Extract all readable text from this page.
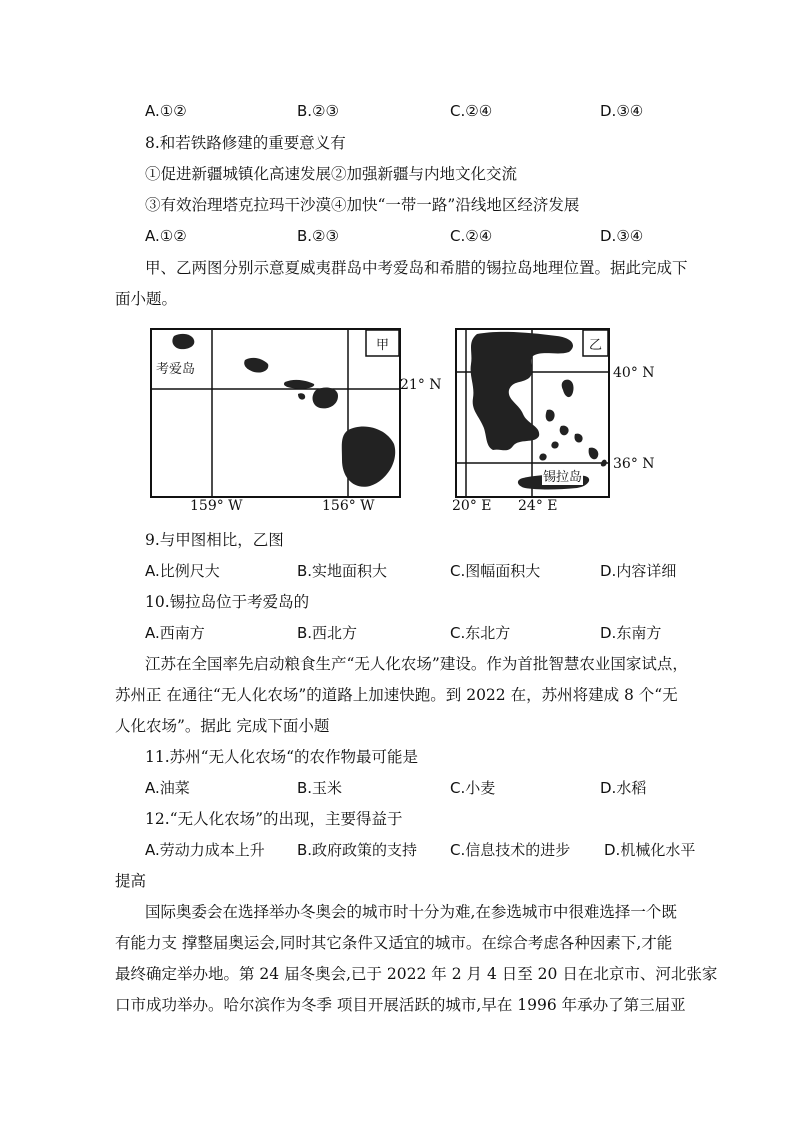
A.①②	B.②③	C.②④	D.③④
8.和若铁路修建的重要意义有
①促进新疆城镇化高速发展②加强新疆与内地文化交流
③有效治理塔克拉玛干沙漠④加快“一带一路”沿线地区经济发展
A.①②	B.②③	C.②④	D.③④
甲、乙两图分别示意夏威夷群岛中考爱岛和希腊的锡拉岛地理位置。据此完成下
面小题。
考爱岛
甲
21° N
159° W	156° W
锡拉岛
乙
40° N
36° N
20° E 24° E
9.与甲图相比，乙图
A.比例尺大	B.实地面积大	C.图幅面积大	D.内容详细
10.锡拉岛位于考爱岛的
A.西南方	B.西北方	C.东北方	D.东南方
江苏在全国率先启动粮食生产“无人化农场”建设。作为首批智慧农业国家试点，
苏州正 在通往“无人化农场”的道路上加速快跑。到 2022 在，苏州将建成 8 个“无
人化农场”。据此 完成下面小题
11.苏州“无人化农场“的农作物最可能是
A.油菜	B.玉米	C.小麦	D.水稻
12.“无人化农场”的出现，主要得益于
A.劳动力成本上升 B.政府政策的支持 C.信息技术的进步 D.机械化水平
提高
国际奥委会在选择举办冬奥会的城市时十分为难,在参选城市中很难选择一个既
有能力支 撑整届奥运会,同时其它条件又适宜的城市。在综合考虑各种因素下,才能
最终确定举办地。第 24 届冬奥会,已于 2022 年 2 月 4 日至 20 日在北京市、河北张家
口市成功举办。哈尔滨作为冬季 项目开展活跃的城市,早在 1996 年承办了第三届亚
